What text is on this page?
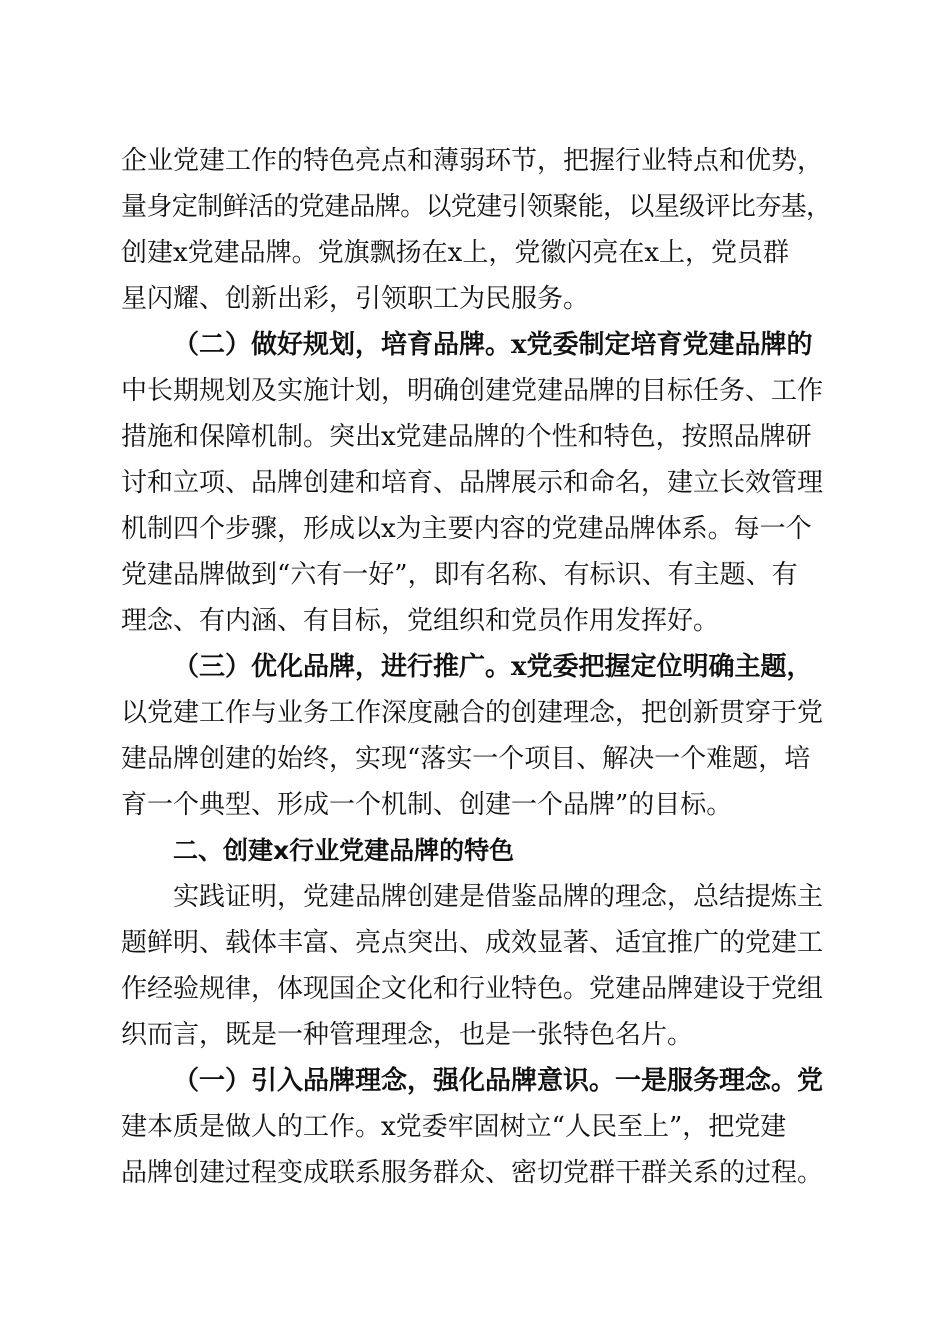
企业党建工作的特色亮点和薄弱环节，把握行业特点和优势，
量身定制鲜活的党建品牌。以党建引领聚能，以星级评比夯基，
创建x党建品牌。党旗飘扬在x上，党徽闪亮在x上，党员群
星闪耀、创新出彩，引领职工为民服务。
（二）做好规划，培育品牌。x党委制定培育党建品牌的
中长期规划及实施计划，明确创建党建品牌的目标任务、工作
措施和保障机制。突出x党建品牌的个性和特色，按照品牌研
讨和立项、品牌创建和培育、品牌展示和命名，建立长效管理
机制四个步骤，形成以x为主要内容的党建品牌体系。每一个
党建品牌做到“六有一好”，即有名称、有标识、有主题、有
理念、有内涵、有目标，党组织和党员作用发挥好。
（三）优化品牌，进行推广。x党委把握定位明确主题，
以党建工作与业务工作深度融合的创建理念，把创新贯穿于党
建品牌创建的始终，实现“落实一个项目、解决一个难题，培
育一个典型、形成一个机制、创建一个品牌”的目标。
二、创建x行业党建品牌的特色
实践证明，党建品牌创建是借鉴品牌的理念，总结提炼主
题鲜明、载体丰富、亮点突出、成效显著、适宜推广的党建工
作经验规律，体现国企文化和行业特色。党建品牌建设于党组
织而言，既是一种管理理念，也是一张特色名片。
（一）引入品牌理念，强化品牌意识。一是服务理念。党
建本质是做人的工作。x党委牢固树立“人民至上”，把党建
品牌创建过程变成联系服务群众、密切党群干群关系的过程。
